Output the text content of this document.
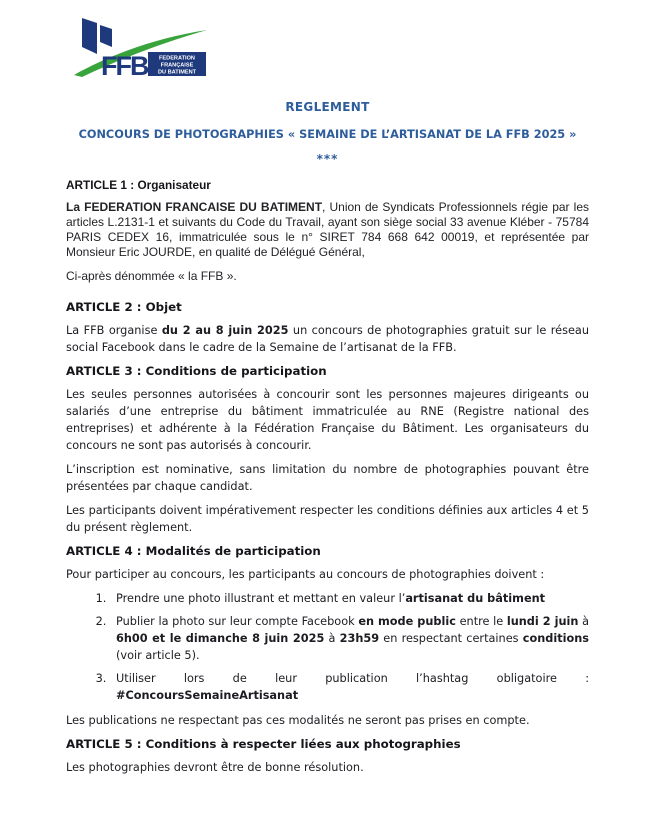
FFB FEDERATION
FRANÇAISE
DU BATIMENT
REGLEMENT
CONCOURS DE PHOTOGRAPHIES « SEMAINE DE L’ARTISANAT DE LA FFB 2025 »
***
ARTICLE 1 : Organisateur

La FEDERATION FRANCAISE DU BATIMENT, Union de Syndicats Professionnels régie par les articles L.2131-1 et suivants du Code du Travail, ayant son siège social 33 avenue Kléber - 75784 PARIS CEDEX 16, immatriculée sous le n° SIRET 784 668 642 00019, et représentée par Monsieur Eric JOURDE, en qualité de Délégué Général,

Ci-après dénommée « la FFB ».

ARTICLE 2 : Objet

La FFB organise du 2 au 8 juin 2025 un concours de photographies gratuit sur le réseau social Facebook dans le cadre de la Semaine de l’artisanat de la FFB.

ARTICLE 3 : Conditions de participation

Les seules personnes autorisées à concourir sont les personnes majeures dirigeants ou salariés d’une entreprise du bâtiment immatriculée au RNE (Registre national des entreprises) et adhérente à la Fédération Française du Bâtiment. Les organisateurs du concours ne sont pas autorisés à concourir.

L’inscription est nominative, sans limitation du nombre de photographies pouvant être présentées par chaque candidat.

Les participants doivent impérativement respecter les conditions définies aux articles 4 et 5 du présent règlement.

ARTICLE 4 : Modalités de participation

Pour participer au concours, les participants au concours de photographies doivent :

1. Prendre une photo illustrant et mettant en valeur l’artisanat du bâtiment
2. Publier la photo sur leur compte Facebook en mode public entre le lundi 2 juin à 6h00 et le dimanche 8 juin 2025 à 23h59 en respectant certaines conditions (voir article 5).
3. Utiliser lors de leur publication l’hashtag obligatoire : #ConcoursSemaineArtisanat

Les publications ne respectant pas ces modalités ne seront pas prises en compte.

ARTICLE 5 : Conditions à respecter liées aux photographies

Les photographies devront être de bonne résolution.
